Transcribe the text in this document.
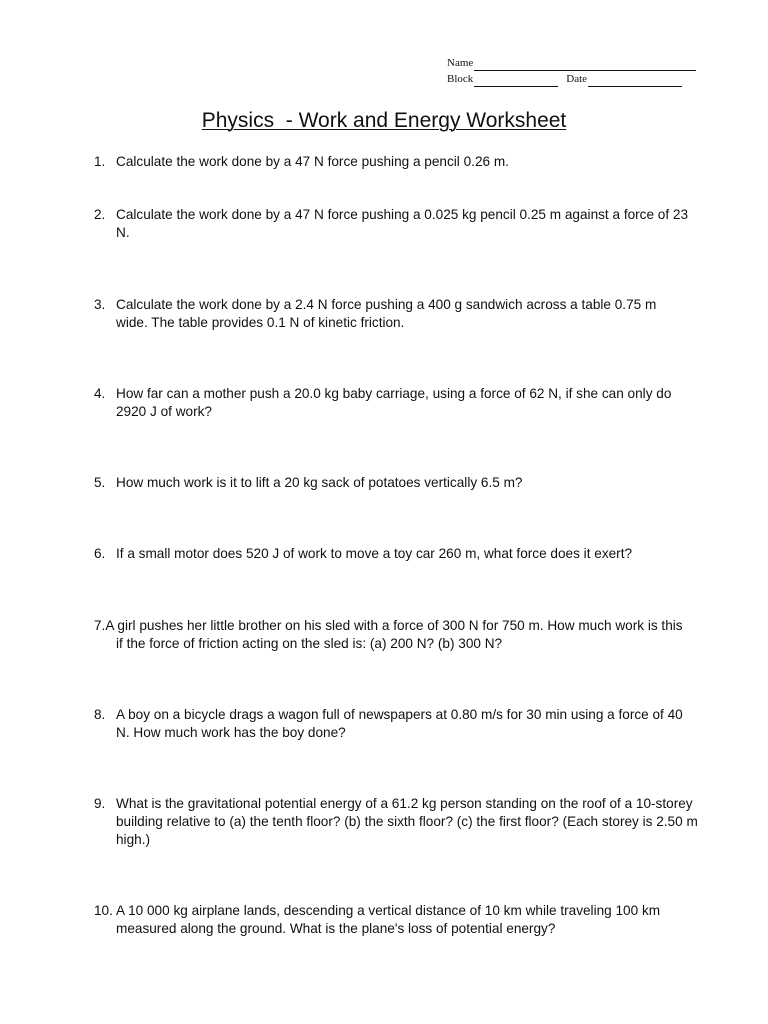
Name
Block	Date
Physics  - Work and Energy Worksheet
1. Calculate the work done by a 47 N force pushing a pencil 0.26 m.
2. Calculate the work done by a 47 N force pushing a 0.025 kg pencil 0.25 m against a force of 23 N.
3. Calculate the work done by a 2.4 N force pushing a 400 g sandwich across a table 0.75 m wide. The table provides 0.1 N of kinetic friction.
4. How far can a mother push a 20.0 kg baby carriage, using a force of 62 N, if she can only do 2920 J of work?
5. How much work is it to lift a 20 kg sack of potatoes vertically 6.5 m?
6. If a small motor does 520 J of work to move a toy car 260 m, what force does it exert?
7.A girl pushes her little brother on his sled with a force of 300 N for 750 m. How much work is this if the force of friction acting on the sled is: (a) 200 N? (b) 300 N?
8. A boy on a bicycle drags a wagon full of newspapers at 0.80 m/s for 30 min using a force of 40 N. How much work has the boy done?
9. What is the gravitational potential energy of a 61.2 kg person standing on the roof of a 10-storey building relative to (a) the tenth floor? (b) the sixth floor? (c) the first floor? (Each storey is 2.50 m high.)
10. A 10 000 kg airplane lands, descending a vertical distance of 10 km while traveling 100 km measured along the ground. What is the plane's loss of potential energy?
